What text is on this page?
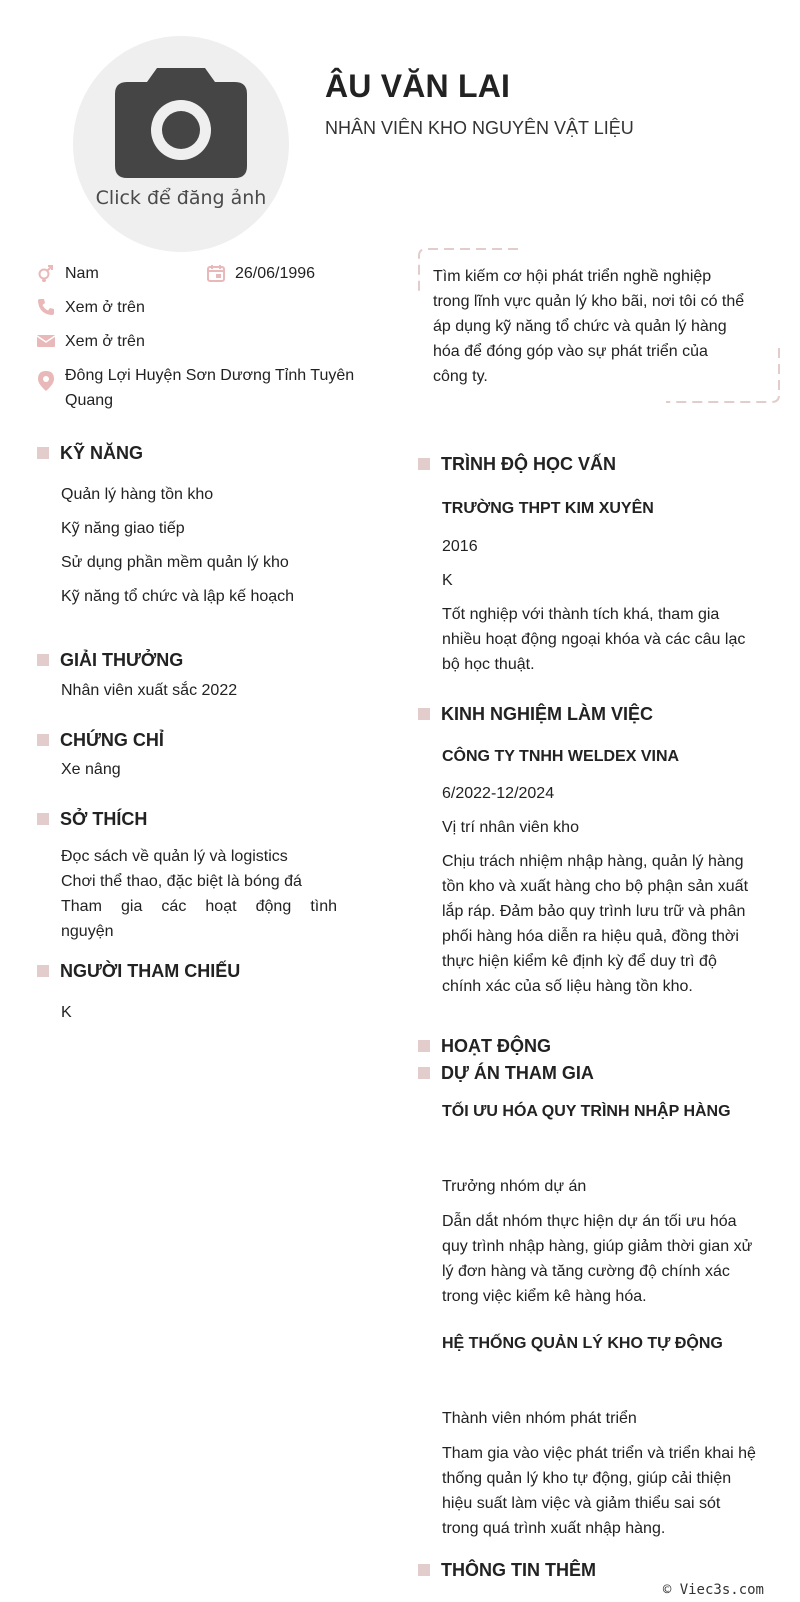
Click để đăng ảnh
ÂU VĂN LAI
NHÂN VIÊN KHO NGUYÊN VẬT LIỆU
Nam	26/06/1996
Xem ở trên
Xem ở trên
Đông Lợi Huyện Sơn Dương Tỉnh Tuyên
Quang
Tìm kiếm cơ hội phát triển nghề nghiệp
trong lĩnh vực quản lý kho bãi, nơi tôi có thể
áp dụng kỹ năng tổ chức và quản lý hàng
hóa để đóng góp vào sự phát triển của
công ty.
KỸ NĂNG
Quản lý hàng tồn kho
Kỹ năng giao tiếp
Sử dụng phần mềm quản lý kho
Kỹ năng tổ chức và lập kế hoạch
GIẢI THƯỞNG
Nhân viên xuất sắc 2022
CHỨNG CHỈ
Xe nâng
SỞ THÍCH
Đọc sách về quản lý và logistics
Chơi thể thao, đặc biệt là bóng đá
Tham gia các hoạt động tình
nguyện
NGƯỜI THAM CHIẾU
K
TRÌNH ĐỘ HỌC VẤN
TRƯỜNG THPT KIM XUYÊN
2016
K
Tốt nghiệp với thành tích khá, tham gia
nhiều hoạt động ngoại khóa và các câu lạc
bộ học thuật.
KINH NGHIỆM LÀM VIỆC
CÔNG TY TNHH WELDEX VINA
6/2022-12/2024
Vị trí nhân viên kho
Chịu trách nhiệm nhập hàng, quản lý hàng
tồn kho và xuất hàng cho bộ phận sản xuất
lắp ráp. Đảm bảo quy trình lưu trữ và phân
phối hàng hóa diễn ra hiệu quả, đồng thời
thực hiện kiểm kê định kỳ để duy trì độ
chính xác của số liệu hàng tồn kho.
HOẠT ĐỘNG
DỰ ÁN THAM GIA
TỐI ƯU HÓA QUY TRÌNH NHẬP HÀNG
Trưởng nhóm dự án
Dẫn dắt nhóm thực hiện dự án tối ưu hóa
quy trình nhập hàng, giúp giảm thời gian xử
lý đơn hàng và tăng cường độ chính xác
trong việc kiểm kê hàng hóa.
HỆ THỐNG QUẢN LÝ KHO TỰ ĐỘNG
Thành viên nhóm phát triển
Tham gia vào việc phát triển và triển khai hệ
thống quản lý kho tự động, giúp cải thiện
hiệu suất làm việc và giảm thiểu sai sót
trong quá trình xuất nhập hàng.
THÔNG TIN THÊM
© Viec3s.com
